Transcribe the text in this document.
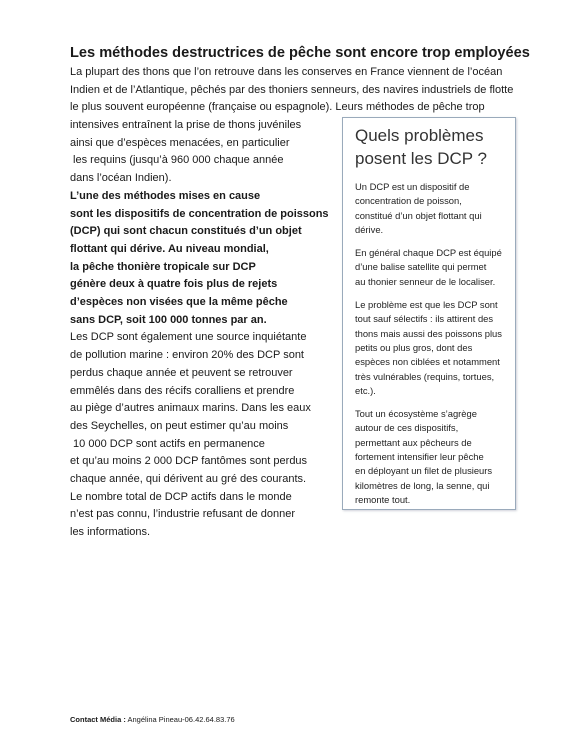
Les méthodes destructrices de pêche sont encore trop employées
La plupart des thons que l’on retrouve dans les conserves en France viennent de l’océan
Indien et de l’Atlantique, pêchés par des thoniers senneurs, des navires industriels de flotte
le plus souvent européenne (française ou espagnole). Leurs méthodes de pêche trop
intensives entraînent la prise de thons juvéniles
ainsi que d’espèces menacées, en particulier
les requins (jusqu’à 960 000 chaque année
dans l’océan Indien).
L’une des méthodes mises en cause
sont les dispositifs de concentration de poissons
(DCP) qui sont chacun constitués d’un objet
flottant qui dérive. Au niveau mondial,
la pêche thonière tropicale sur DCP
génère deux à quatre fois plus de rejets
d’espèces non visées que la même pêche
sans DCP, soit 100 000 tonnes par an.
Les DCP sont également une source inquiétante
de pollution marine : environ 20% des DCP sont
perdus chaque année et peuvent se retrouver
emmêlés dans des récifs coralliens et prendre
au piège d’autres animaux marins. Dans les eaux
des Seychelles, on peut estimer qu’au moins
10 000 DCP sont actifs en permanence
et qu’au moins 2 000 DCP fantômes sont perdus
chaque année, qui dérivent au gré des courants.
Le nombre total de DCP actifs dans le monde
n’est pas connu, l’industrie refusant de donner
les informations.
Quels problèmes
posent les DCP ?
Un DCP est un dispositif de
concentration de poisson,
constitué d’un objet flottant qui
dérive.
En général chaque DCP est équipé
d’une balise satellite qui permet
au thonier senneur de le localiser.
Le problème est que les DCP sont
tout sauf sélectifs : ils attirent des
thons mais aussi des poissons plus
petits ou plus gros, dont des
espèces non ciblées et notamment
très vulnérables (requins, tortues,
etc.).
Tout un écosystème s’agrège
autour de ces dispositifs,
permettant aux pêcheurs de
fortement intensifier leur pêche
en déployant un filet de plusieurs
kilomètres de long, la senne, qui
remonte tout.
Contact Média : Angélina Pineau-06.42.64.83.76
